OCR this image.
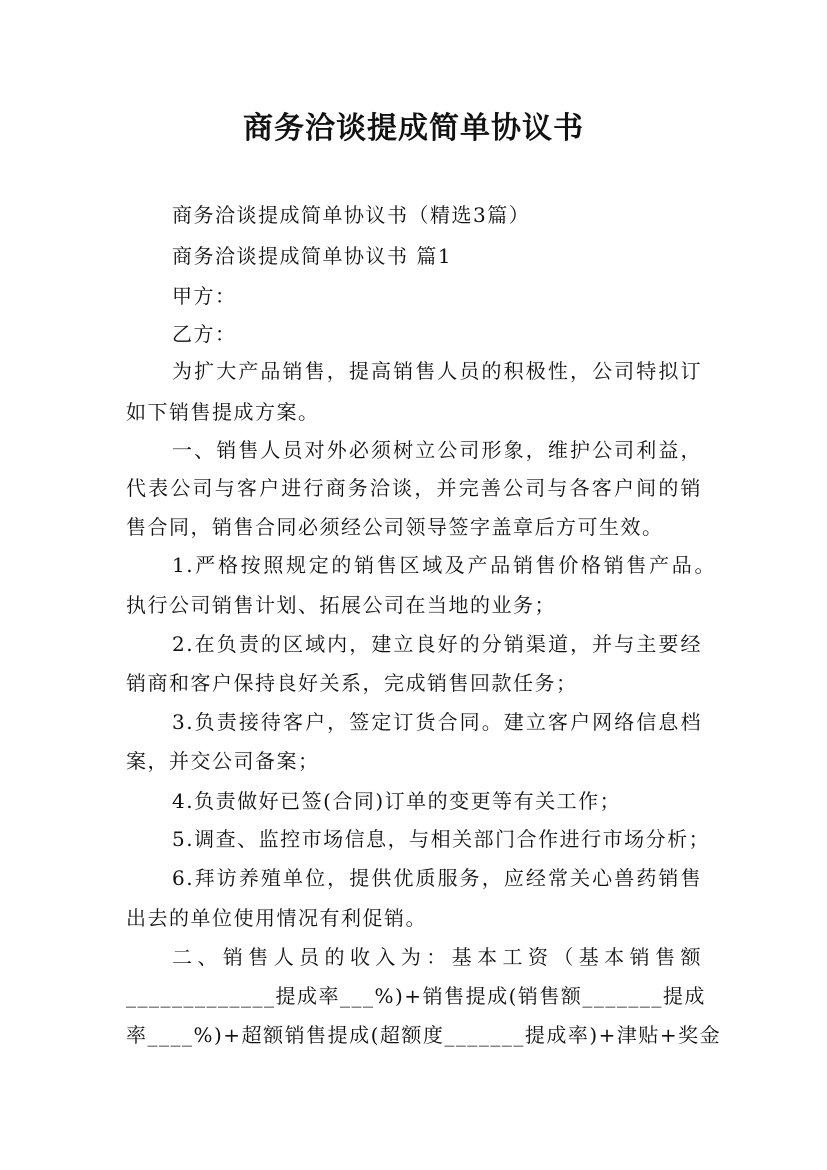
商务洽谈提成简单协议书
商务洽谈提成简单协议书（精选3篇）
商务洽谈提成简单协议书 篇1
甲方：
乙方：
为扩大产品销售，提高销售人员的积极性，公司特拟订
如下销售提成方案。
一、销售人员对外必须树立公司形象，维护公司利益，
代表公司与客户进行商务洽谈，并完善公司与各客户间的销
售合同，销售合同必须经公司领导签字盖章后方可生效。
1.严格按照规定的销售区域及产品销售价格销售产品。
执行公司销售计划、拓展公司在当地的业务；
2.在负责的区域内，建立良好的分销渠道，并与主要经
销商和客户保持良好关系，完成销售回款任务；
3.负责接待客户，签定订货合同。建立客户网络信息档
案，并交公司备案；
4.负责做好已签(合同)订单的变更等有关工作；
5.调查、监控市场信息，与相关部门合作进行市场分析；
6.拜访养殖单位，提供优质服务，应经常关心兽药销售
出去的单位使用情况有利促销。
二、销售人员的收入为：基本工资（基本销售额
_____________提成率___%)+销售提成(销售额_______提成
率____%)+超额销售提成(超额度_______提成率)+津贴+奖金
